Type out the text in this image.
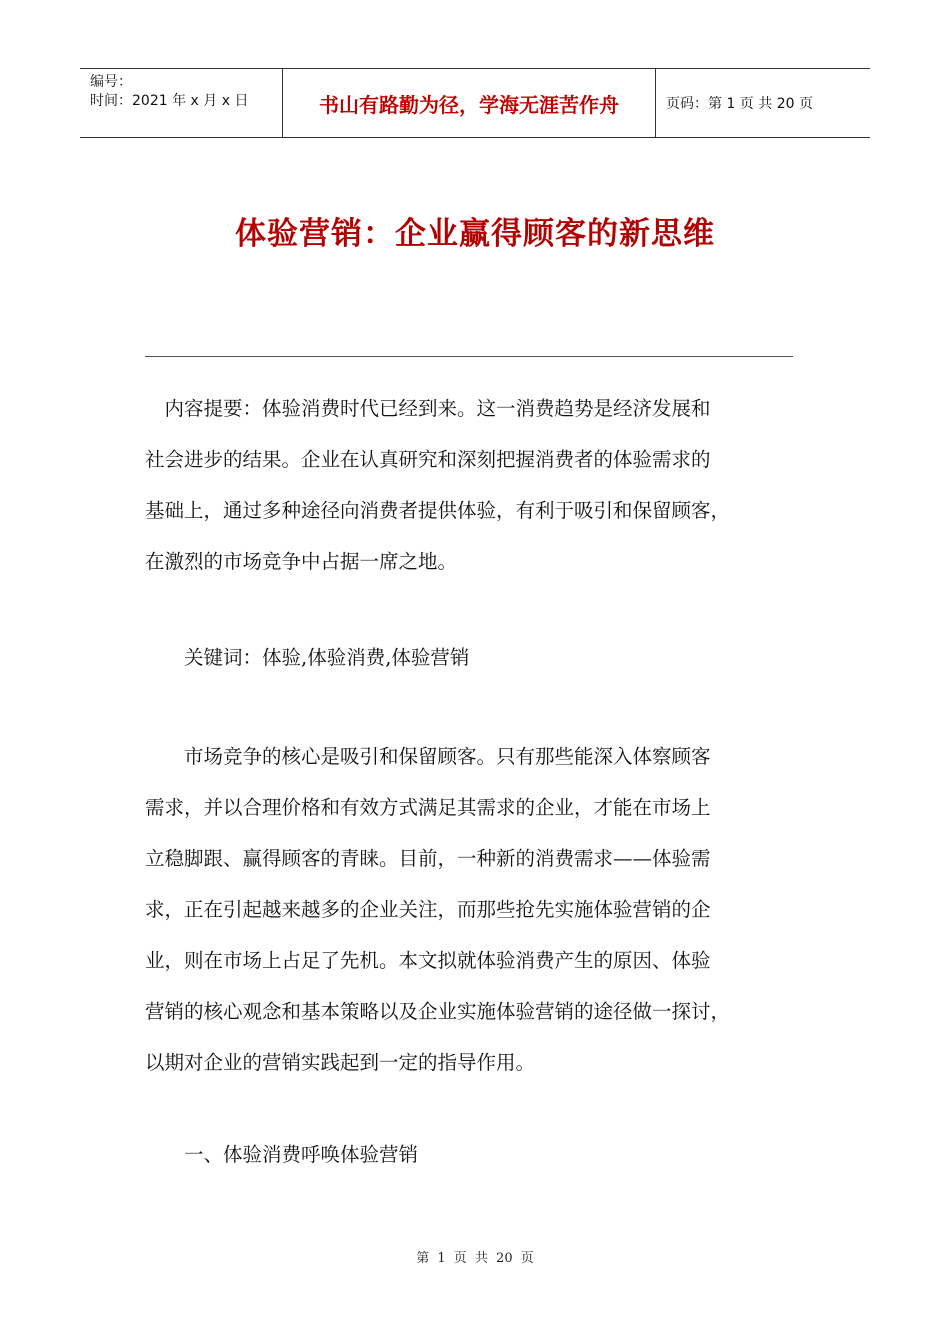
编号：
时间：2021 年 x 月 x 日	书山有路勤为径，学海无涯苦作舟	页码：第 1 页 共 20 页
体验营销：企业赢得顾客的新思维
　内容提要：体验消费时代已经到来。这一消费趋势是经济发展和
社会进步的结果。企业在认真研究和深刻把握消费者的体验需求的
基础上，通过多种途径向消费者提供体验，有利于吸引和保留顾客，
在激烈的市场竞争中占据一席之地。
　　关键词：体验,体验消费,体验营销
　　市场竞争的核心是吸引和保留顾客。只有那些能深入体察顾客
需求，并以合理价格和有效方式满足其需求的企业，才能在市场上
立稳脚跟、赢得顾客的青睐。目前，一种新的消费需求——体验需
求，正在引起越来越多的企业关注，而那些抢先实施体验营销的企
业，则在市场上占足了先机。本文拟就体验消费产生的原因、体验
营销的核心观念和基本策略以及企业实施体验营销的途径做一探讨，
以期对企业的营销实践起到一定的指导作用。
　　一、体验消费呼唤体验营销
第 1 页 共 20 页
